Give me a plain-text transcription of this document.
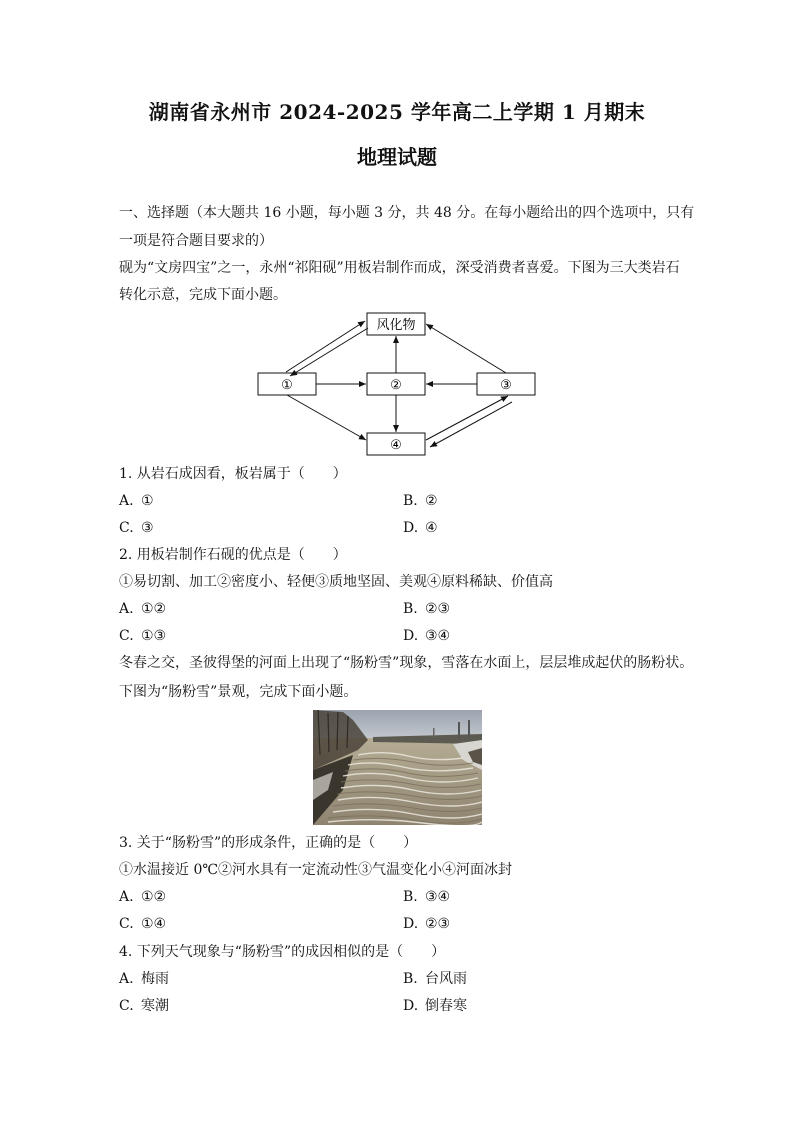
湖南省永州市 2024-2025 学年高二上学期 1 月期末
地理试题
一、选择题（本大题共 16 小题，每小题 3 分，共 48 分。在每小题给出的四个选项中，只有
一项是符合题目要求的）
砚为“文房四宝”之一，永州“祁阳砚”用板岩制作而成，深受消费者喜爱。下图为三大类岩石
转化示意，完成下面小题。
风化物
①	②	③
④
1. 从岩石成因看，板岩属于（　　）
A. ①	B. ②
C. ③	D. ④
2. 用板岩制作石砚的优点是（　　）
①易切割、加工②密度小、轻便③质地坚固、美观④原料稀缺、价值高
A. ①②	B. ②③
C. ①③	D. ③④
冬春之交，圣彼得堡的河面上出现了“肠粉雪”现象，雪落在水面上，层层堆成起伏的肠粉状。
下图为“肠粉雪”景观，完成下面小题。
3. 关于“肠粉雪”的形成条件，正确的是（　　）
①水温接近 0℃②河水具有一定流动性③气温变化小④河面冰封
A. ①②	B. ③④
C. ①④	D. ②③
4. 下列天气现象与“肠粉雪”的成因相似的是（　　）
A. 梅雨	B. 台风雨
C. 寒潮	D. 倒春寒
